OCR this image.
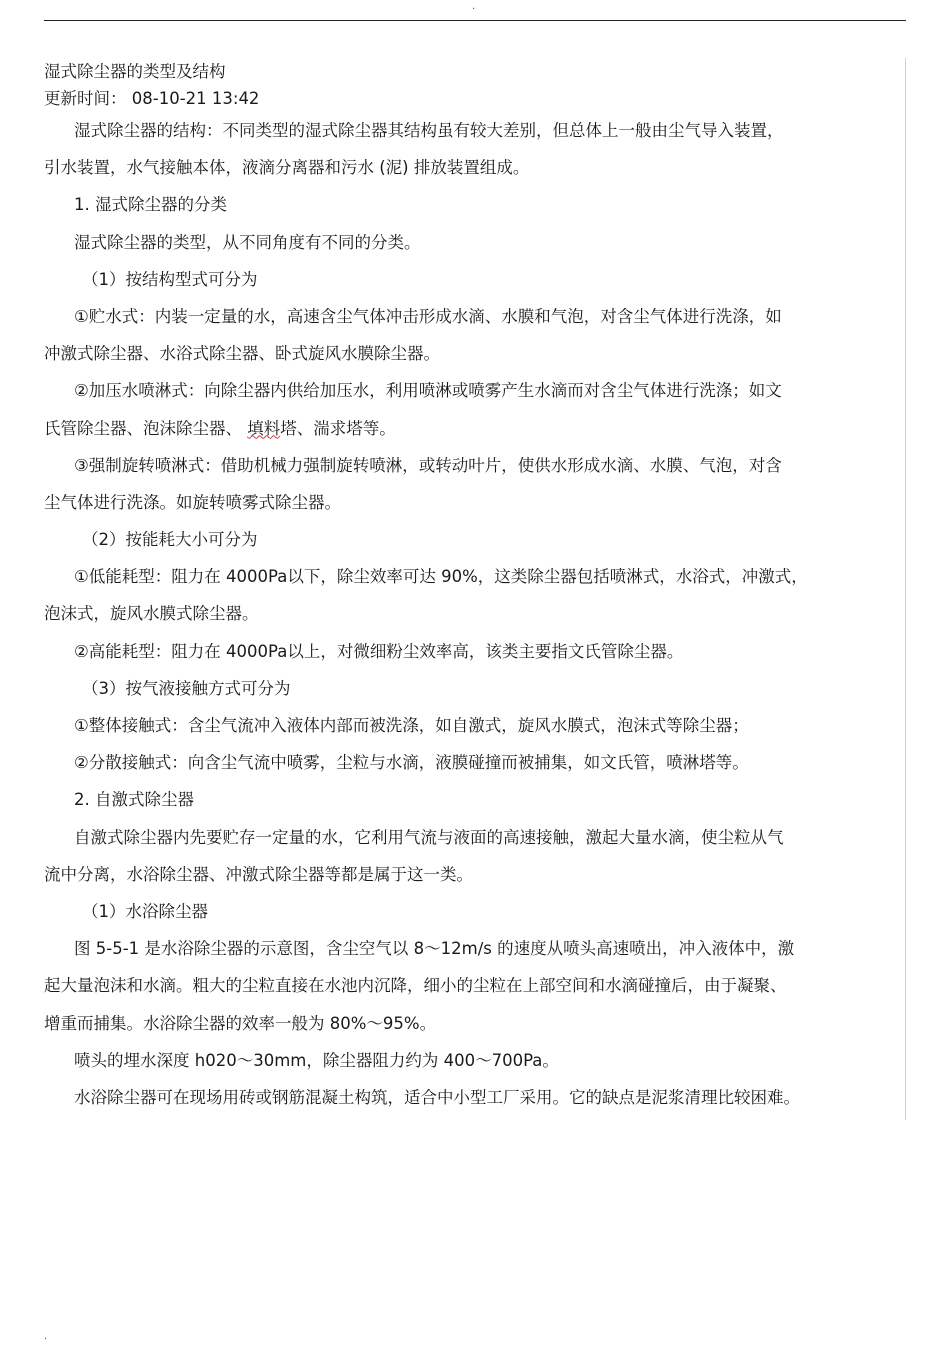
.
湿式除尘器的类型及结构
更新时间： 08-10-21 13:42
湿式除尘器的结构：不同类型的湿式除尘器其结构虽有较大差别，但总体上一般由尘气导入装置，
引水装置，水气接触本体，液滴分离器和污水 (泥) 排放装置组成。
1. 湿式除尘器的分类
湿式除尘器的类型，从不同角度有不同的分类。
（1）按结构型式可分为
①贮水式：内装一定量的水，高速含尘气体冲击形成水滴、水膜和气泡，对含尘气体进行洗涤，如
冲激式除尘器、水浴式除尘器、卧式旋风水膜除尘器。
②加压水喷淋式：向除尘器内供给加压水，利用喷淋或喷雾产生水滴而对含尘气体进行洗涤；如文
氏管除尘器、泡沫除尘器、 填料塔、湍求塔等。
③强制旋转喷淋式：借助机械力强制旋转喷淋，或转动叶片，使供水形成水滴、水膜、气泡，对含
尘气体进行洗涤。如旋转喷雾式除尘器。
（2）按能耗大小可分为
①低能耗型：阻力在 4000Pa以下，除尘效率可达 90%，这类除尘器包括喷淋式，水浴式，冲激式，
泡沫式，旋风水膜式除尘器。
②高能耗型：阻力在 4000Pa以上，对微细粉尘效率高，该类主要指文氏管除尘器。
（3）按气液接触方式可分为
①整体接触式：含尘气流冲入液体内部而被洗涤，如自激式，旋风水膜式，泡沫式等除尘器；
②分散接触式：向含尘气流中喷雾，尘粒与水滴，液膜碰撞而被捕集，如文氏管，喷淋塔等。
2. 自激式除尘器
自激式除尘器内先要贮存一定量的水，它利用气流与液面的高速接触，激起大量水滴，使尘粒从气
流中分离，水浴除尘器、冲激式除尘器等都是属于这一类。
（1）水浴除尘器
图 5-5-1 是水浴除尘器的示意图，含尘空气以 8～12m∕s 的速度从喷头高速喷出，冲入液体中，激
起大量泡沫和水滴。粗大的尘粒直接在水池内沉降，细小的尘粒在上部空间和水滴碰撞后，由于凝聚、
增重而捕集。水浴除尘器的效率一般为 80%～95%。
喷头的埋水深度 h020～30mm，除尘器阻力约为 400～700Pa。
水浴除尘器可在现场用砖或钢筋混凝土构筑，适合中小型工厂采用。它的缺点是泥浆清理比较困难。
.
